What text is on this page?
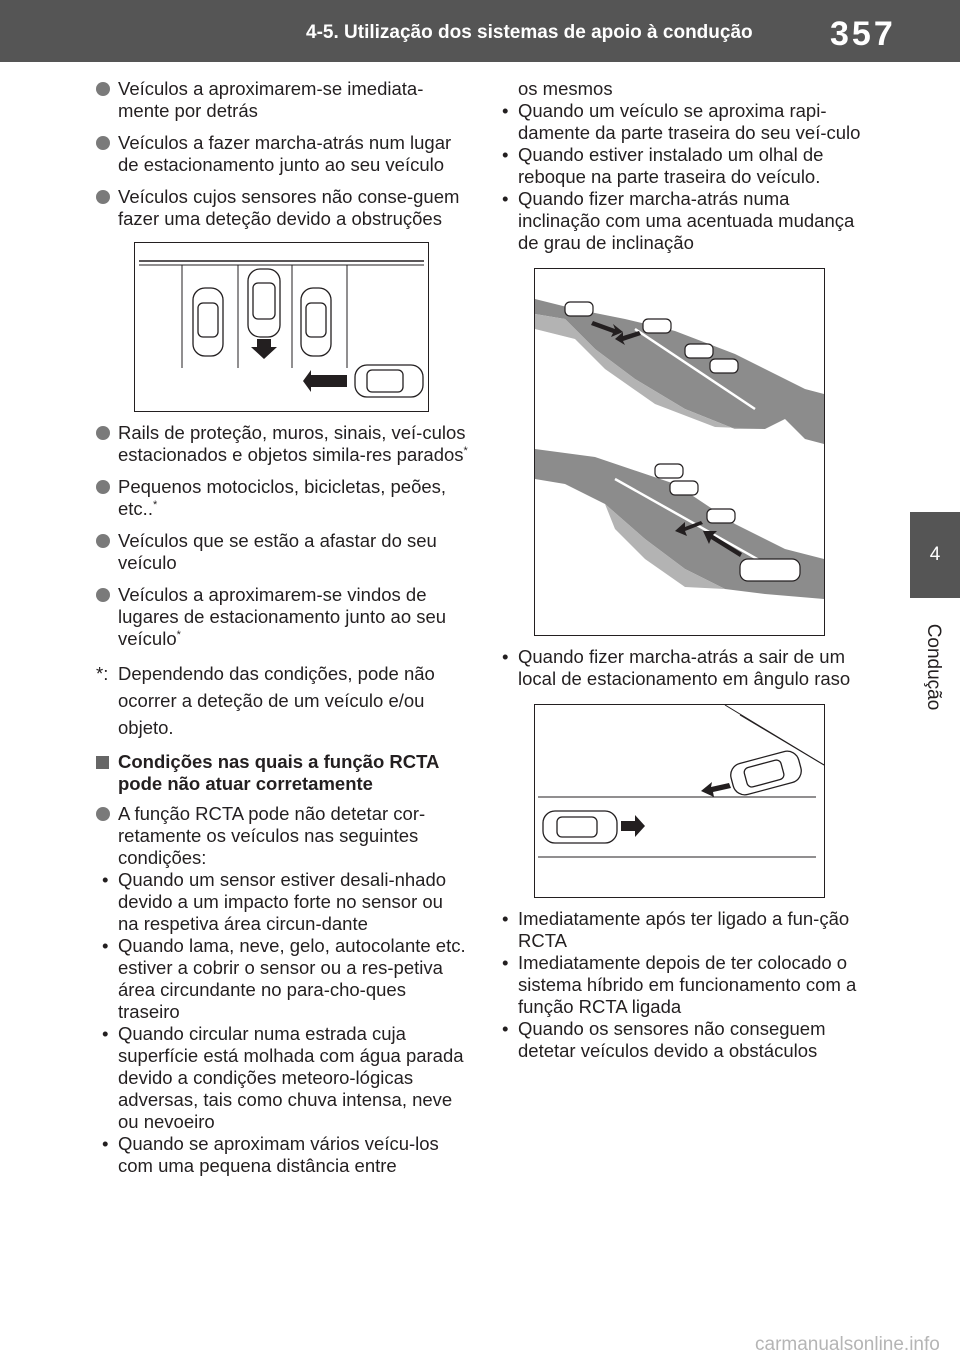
4-5. Utilização dos sistemas de apoio à condução	357
4
Condução
Veículos a aproximarem-se imediata-mente por detrás
Veículos a fazer marcha-atrás num lugar de estacionamento junto ao seu veículo
Veículos cujos sensores não conse-guem fazer uma deteção devido a obstruções
Rails de proteção, muros, sinais, veí-culos estacionados e objetos simila-res parados*
Pequenos motociclos, bicicletas, peões, etc..*
Veículos que se estão a afastar do seu veículo
Veículos a aproximarem-se vindos de lugares de estacionamento junto ao seu veículo*
*: Dependendo das condições, pode não ocorrer a deteção de um veículo e/ou objeto.
Condições nas quais a função RCTA pode não atuar corretamente
A função RCTA pode não detetar cor-retamente os veículos nas seguintes condições:
• Quando um sensor estiver desali-nhado devido a um impacto forte no sensor ou na respetiva área circun-dante
• Quando lama, neve, gelo, autocolante etc. estiver a cobrir o sensor ou a res-petiva área circundante no para-cho-ques traseiro
• Quando circular numa estrada cuja superfície está molhada com água parada devido a condições meteoro-lógicas adversas, tais como chuva intensa, neve ou nevoeiro
• Quando se aproximam vários veícu-los com uma pequena distância entre
os mesmos
• Quando um veículo se aproxima rapi-damente da parte traseira do seu veí-culo
• Quando estiver instalado um olhal de reboque na parte traseira do veículo.
• Quando fizer marcha-atrás numa inclinação com uma acentuada mudança de grau de inclinação
• Quando fizer marcha-atrás a sair de um local de estacionamento em ângulo raso
• Imediatamente após ter ligado a fun-ção RCTA
• Imediatamente depois de ter colocado o sistema híbrido em funcionamento com a função RCTA ligada
• Quando os sensores não conseguem detetar veículos devido a obstáculos
carmanualsonline.info
